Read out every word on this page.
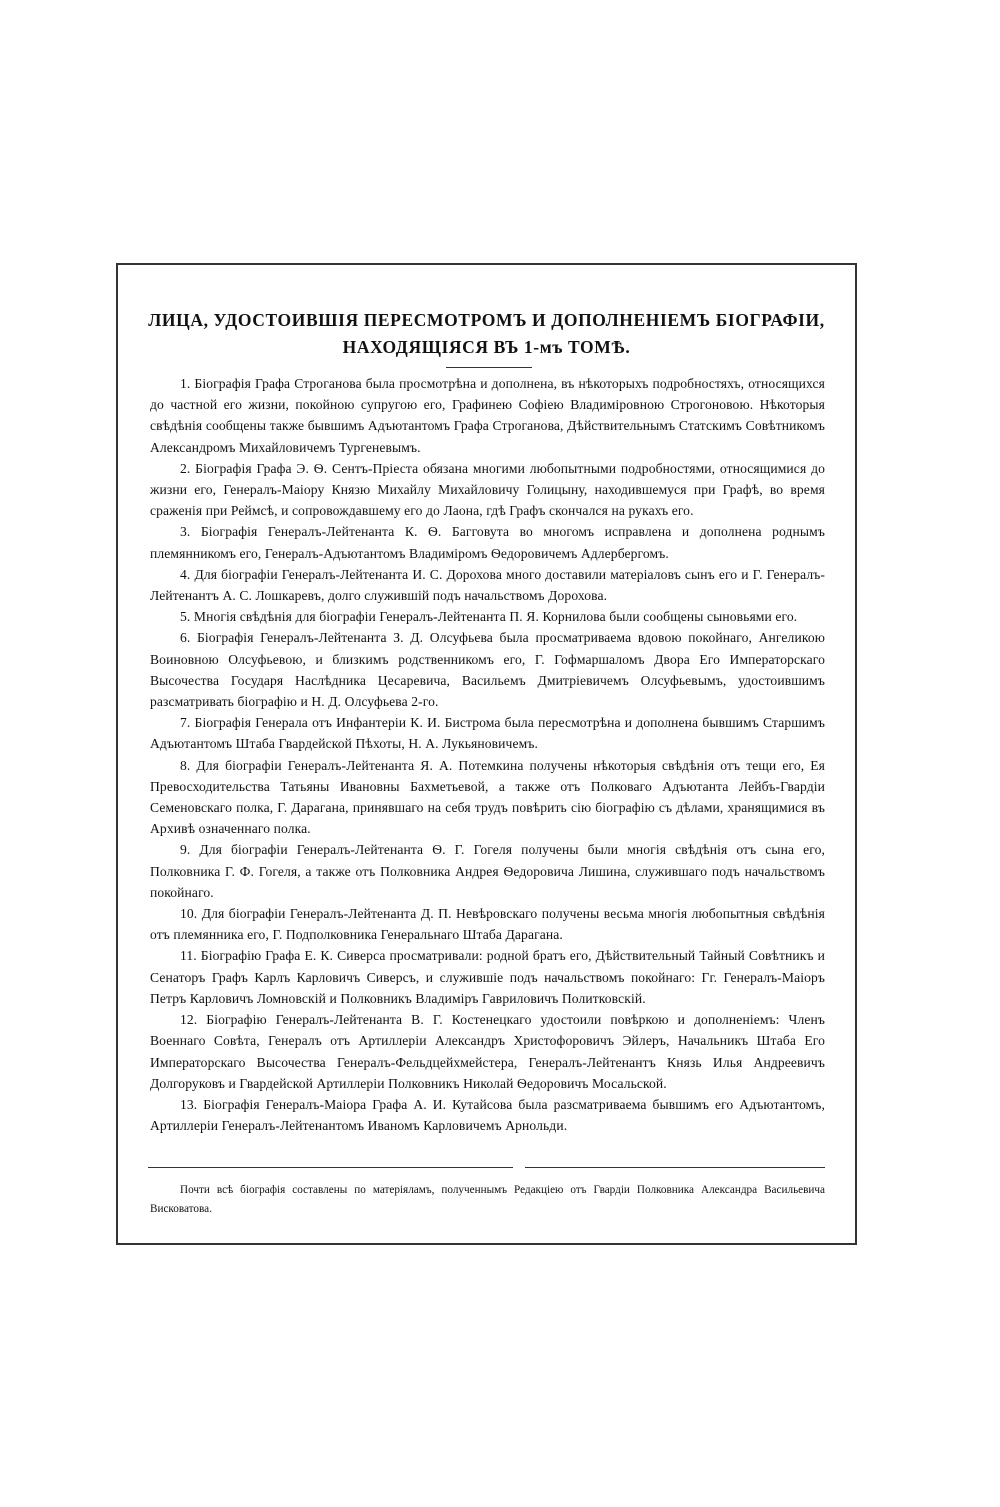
ЛИЦА, УДОСТОИВШІЯ ПЕРЕСМОТРОМЪ И ДОПОЛНЕНІЕМЪ БІОГРАФІИ,
НАХОДЯЩІЯСЯ ВЪ 1-мъ ТОМѢ.

1. Біографія Графа Строганова была просмотрѣна и дополнена, въ нѣкоторыхъ подробностяхъ, относящихся до частной его жизни, покойною супругою его, Графинею Софіею Владиміровною Строгоновою. Нѣкоторыя свѣдѣнія сообщены также бывшимъ Адъютантомъ Графа Строганова, Дѣйствительнымъ Статскимъ Совѣтникомъ Александромъ Михайловичемъ Тургеневымъ.

2. Біографія Графа Э. Ѳ. Сентъ-Пріеста обязана многими любопытными подробностями, относящимися до жизни его, Генералъ-Маіору Князю Михайлу Михайловичу Голицыну, находившемуся при Графѣ, во время сраженія при Реймсѣ, и сопровождавшему его до Лаона, гдѣ Графъ скончался на рукахъ его.

3. Біографія Генералъ-Лейтенанта К. Ѳ. Багговута во многомъ исправлена и дополнена роднымъ племянникомъ его, Генералъ-Адъютантомъ Владиміромъ Ѳедоровичемъ Адлербергомъ.

4. Для біографіи Генералъ-Лейтенанта И. С. Дорохова много доставили матеріаловъ сынъ его и Г. Генералъ-Лейтенантъ А. С. Лошкаревъ, долго служившій подъ начальствомъ Дорохова.

5. Многія свѣдѣнія для біографіи Генералъ-Лейтенанта П. Я. Корнилова были сообщены сыновьями его.

6. Біографія Генералъ-Лейтенанта З. Д. Олсуфьева была просматриваема вдовою покойнаго, Ангеликою Воиновною Олсуфьевою, и близкимъ родственникомъ его, Г. Гофмаршаломъ Двора Его Императорскаго Высочества Государя Наслѣдника Цесаревича, Васильемъ Дмитріевичемъ Олсуфьевымъ, удостоившимъ разсматривать біографію и Н. Д. Олсуфьева 2-го.

7. Біографія Генерала отъ Инфантеріи К. И. Бистрома была пересмотрѣна и дополнена бывшимъ Старшимъ Адъютантомъ Штаба Гвардейской Пѣхоты, Н. А. Лукьяновичемъ.

8. Для біографіи Генералъ-Лейтенанта Я. А. Потемкина получены нѣкоторыя свѣдѣнія отъ тещи его, Ея Превосходительства Татьяны Ивановны Бахметьевой, а также отъ Полковаго Адъютанта Лейбъ-Гвардіи Семеновскаго полка, Г. Дарагана, принявшаго на себя трудъ повѣрить сію біографію съ дѣлами, хранящимися въ Архивѣ означеннаго полка.

9. Для біографіи Генералъ-Лейтенанта Ѳ. Г. Гогеля получены были многія свѣдѣнія отъ сына его, Полковника Г. Ф. Гогеля, а также отъ Полковника Андрея Ѳедоровича Лишина, служившаго подъ начальствомъ покойнаго.

10. Для біографіи Генералъ-Лейтенанта Д. П. Невѣровскаго получены весьма многія любопытныя свѣдѣнія отъ племянника его, Г. Подполковника Генеральнаго Штаба Дарагана.

11. Біографію Графа Е. К. Сиверса просматривали: родной братъ его, Дѣйствительный Тайный Совѣтникъ и Сенаторъ Графъ Карлъ Карловичъ Сиверсъ, и служившіе подъ начальствомъ покойнаго: Гг. Генералъ-Маіоръ Петръ Карловичъ Ломновскій и Полковникъ Владиміръ Гавриловичъ Политковскій.

12. Біографію Генералъ-Лейтенанта В. Г. Костенецкаго удостоили повѣркою и дополненіемъ: Членъ Военнаго Совѣта, Генералъ отъ Артиллеріи Александръ Христофоровичъ Эйлеръ, Начальникъ Штаба Его Императорскаго Высочества Генералъ-Фельдцейхмейстера, Генералъ-Лейтенантъ Князь Илья Андреевичъ Долгоруковъ и Гвардейской Артиллеріи Полковникъ Николай Ѳедоровичъ Мосальской.

13. Біографія Генералъ-Маіора Графа А. И. Кутайсова была разсматриваема бывшимъ его Адъютантомъ, Артиллеріи Генералъ-Лейтенантомъ Иваномъ Карловичемъ Арнольди.

Почти всѣ біографія составлены по матеріяламъ, полученнымъ Редакціею отъ Гвардіи Полковника Александра Васильевича Висковатова.
